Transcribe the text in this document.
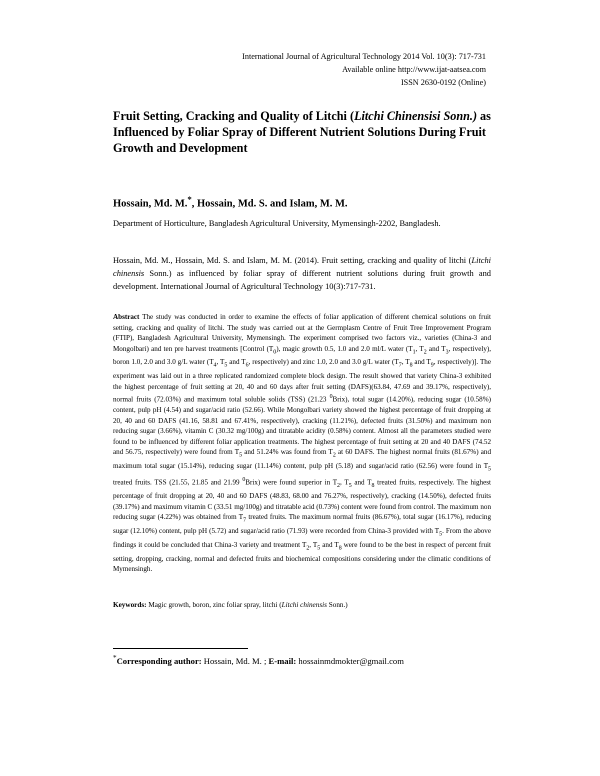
International Journal of Agricultural Technology 2014 Vol. 10(3): 717-731
Available online http://www.ijat-aatsea.com
ISSN 2630-0192 (Online)
Fruit Setting, Cracking and Quality of Litchi (Litchi Chinensisi Sonn.) as Influenced by Foliar Spray of Different Nutrient Solutions During Fruit Growth and Development
Hossain, Md. M.*, Hossain, Md. S. and Islam, M. M.
Department of Horticulture, Bangladesh Agricultural University, Mymensingh-2202, Bangladesh.
Hossain, Md. M., Hossain, Md. S. and Islam, M. M. (2014). Fruit setting, cracking and quality of litchi (Litchi chinensis Sonn.) as influenced by foliar spray of different nutrient solutions during fruit growth and development. International Journal of Agricultural Technology 10(3):717-731.
Abstract The study was conducted in order to examine the effects of foliar application of different chemical solutions on fruit setting, cracking and quality of litchi. The study was carried out at the Germplasm Centre of Fruit Tree Improvement Program (FTIP), Bangladesh Agricultural University, Mymensingh. The experiment comprised two factors viz., varieties (China-3 and Mongolbari) and ten pre harvest treatments [Control $(T_0)$, magic growth 0.5, 1.0 and 2.0 ml/L water ($T_1$, $T_2$ and $T_3$, respectively), boron 1.0, 2.0 and 3.0 g/L water ($T_4$, $T_5$ and $T_6$, respectively) and zinc 1.0, 2.0 and 3.0 g/L water ($T_7$, $T_8$ and $T_9$, respectively)]. The experiment was laid out in a three replicated randomized complete block design. The result showed that variety China-3 exhibited the highest percentage of fruit setting at 20, 40 and 60 days after fruit setting (DAFS)(63.84, 47.69 and 39.17%, respectively), normal fruits (72.03%) and maximum total soluble solids (TSS) (21.23 $^0$Brix), total sugar (14.20%), reducing sugar (10.58%) content, pulp pH (4.54) and sugar/acid ratio (52.66). While Mongolbari variety showed the highest percentage of fruit dropping at 20, 40 and 60 DAFS (41.16, 58.81 and 67.41%, respectively), cracking (11.21%), defected fruits (31.50%) and maximum non reducing sugar (3.66%), vitamin C (30.32 mg/100g) and titratable acidity (0.58%) content. Almost all the parameters studied were found to be influenced by different foliar application treatments. The highest percentage of fruit setting at 20 and 40 DAFS (74.52 and 56.75, respectively) were found from $T_5$ and 51.24% was found from $T_2$ at 60 DAFS. The highest normal fruits (81.67%) and maximum total sugar (15.14%), reducing sugar (11.14%) content, pulp pH (5.18) and sugar/acid ratio (62.56) were found in $T_5$ treated fruits. TSS (21.55, 21.85 and 21.99 $^0$Brix) were found superior in $T_2$, $T_5$ and $T_8$ treated fruits, respectively. The highest percentage of fruit dropping at 20, 40 and 60 DAFS (48.83, 68.00 and 76.27%, respectively), cracking (14.50%), defected fruits (39.17%) and maximum vitamin C (33.51 mg/100g) and titratable acid (0.73%) content were found from control. The maximum non reducing sugar (4.22%) was obtained from $T_7$ treated fruits. The maximum normal fruits (86.67%), total sugar (16.17%), reducing sugar (12.10%) content, pulp pH (5.72) and sugar/acid ratio (71.93) were recorded from China-3 provided with $T_5$. From the above findings it could be concluded that China-3 variety and treatment $T_2$, $T_5$ and $T_8$ were found to be the best in respect of percent fruit setting, dropping, cracking, normal and defected fruits and biochemical compositions considering under the climatic conditions of Mymensingh.
Keywords: Magic growth, boron, zinc foliar spray, litchi (Litchi chinensis Sonn.)
*Corresponding author: Hossain, Md. M. ; E-mail: hossainmdmokter@gmail.com
